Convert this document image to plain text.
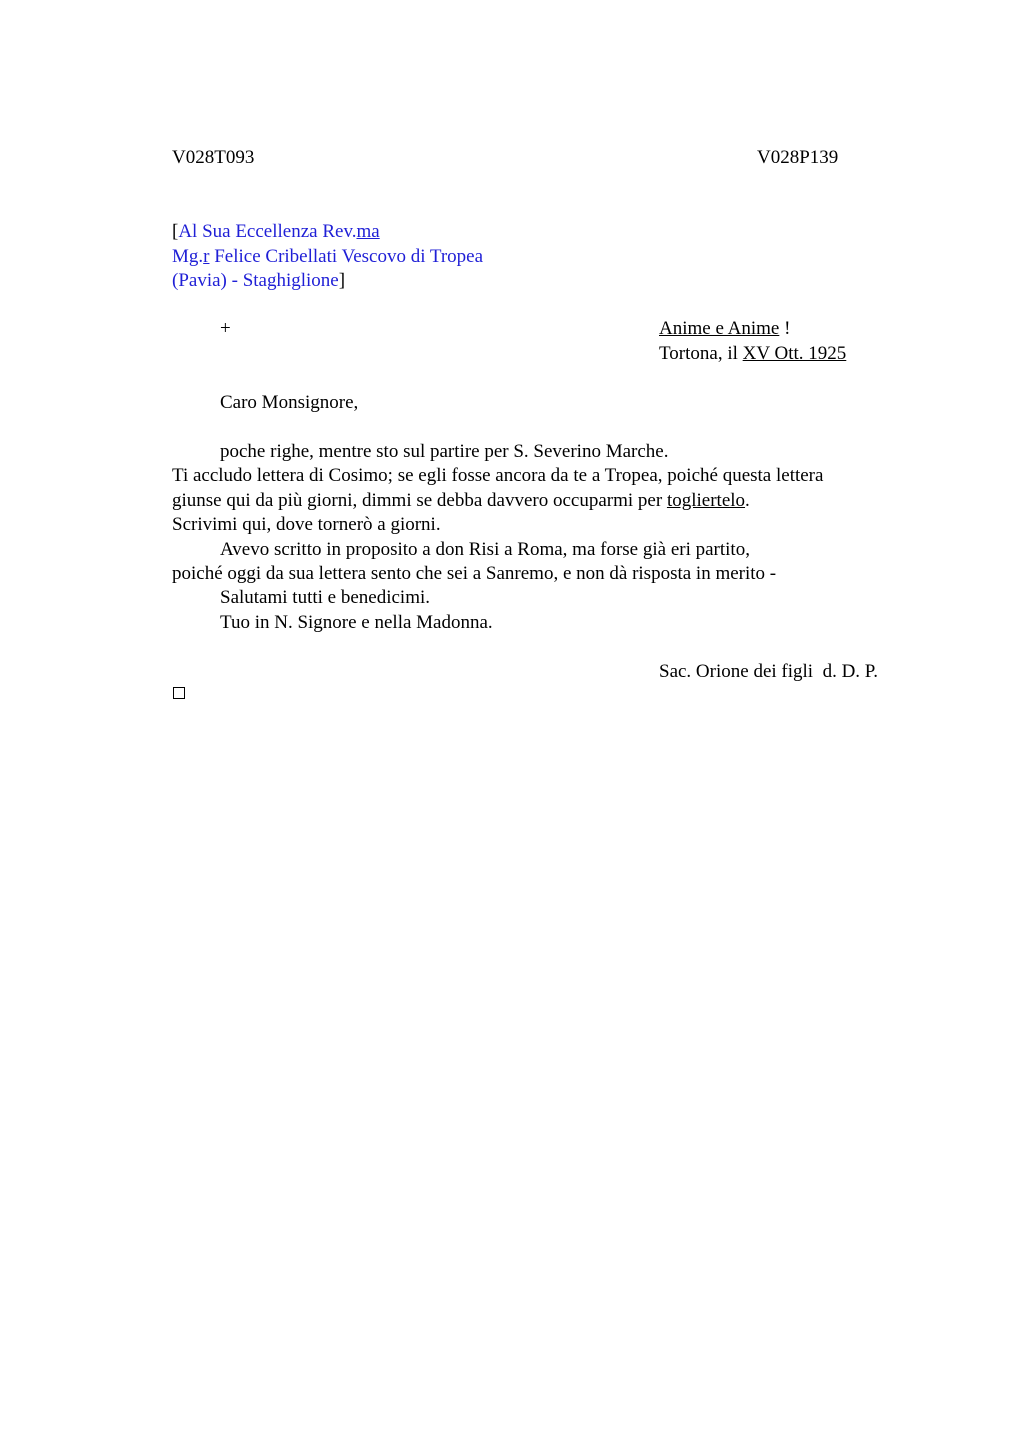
V028T093	V028P139
[Al Sua Eccellenza Rev.ma
Mg.r Felice Cribellati Vescovo di Tropea
(Pavia) - Staghiglione]
+	Anime e Anime !
Tortona, il XV Ott. 1925
Caro Monsignore,
poche righe, mentre sto sul partire per S. Severino Marche.
Ti accludo lettera di Cosimo; se egli fosse ancora da te a Tropea, poiché questa lettera
giunse qui da più giorni, dimmi se debba davvero occuparmi per togliertelo.
Scrivimi qui, dove tornerò a giorni.
Avevo scritto in proposito a don Risi a Roma, ma forse già eri partito,
poiché oggi da sua lettera sento che sei a Sanremo, e non dà risposta in merito -
Salutami tutti e benedicimi.
Tuo in N. Signore e nella Madonna.
Sac. Orione dei figli  d. D. P.
